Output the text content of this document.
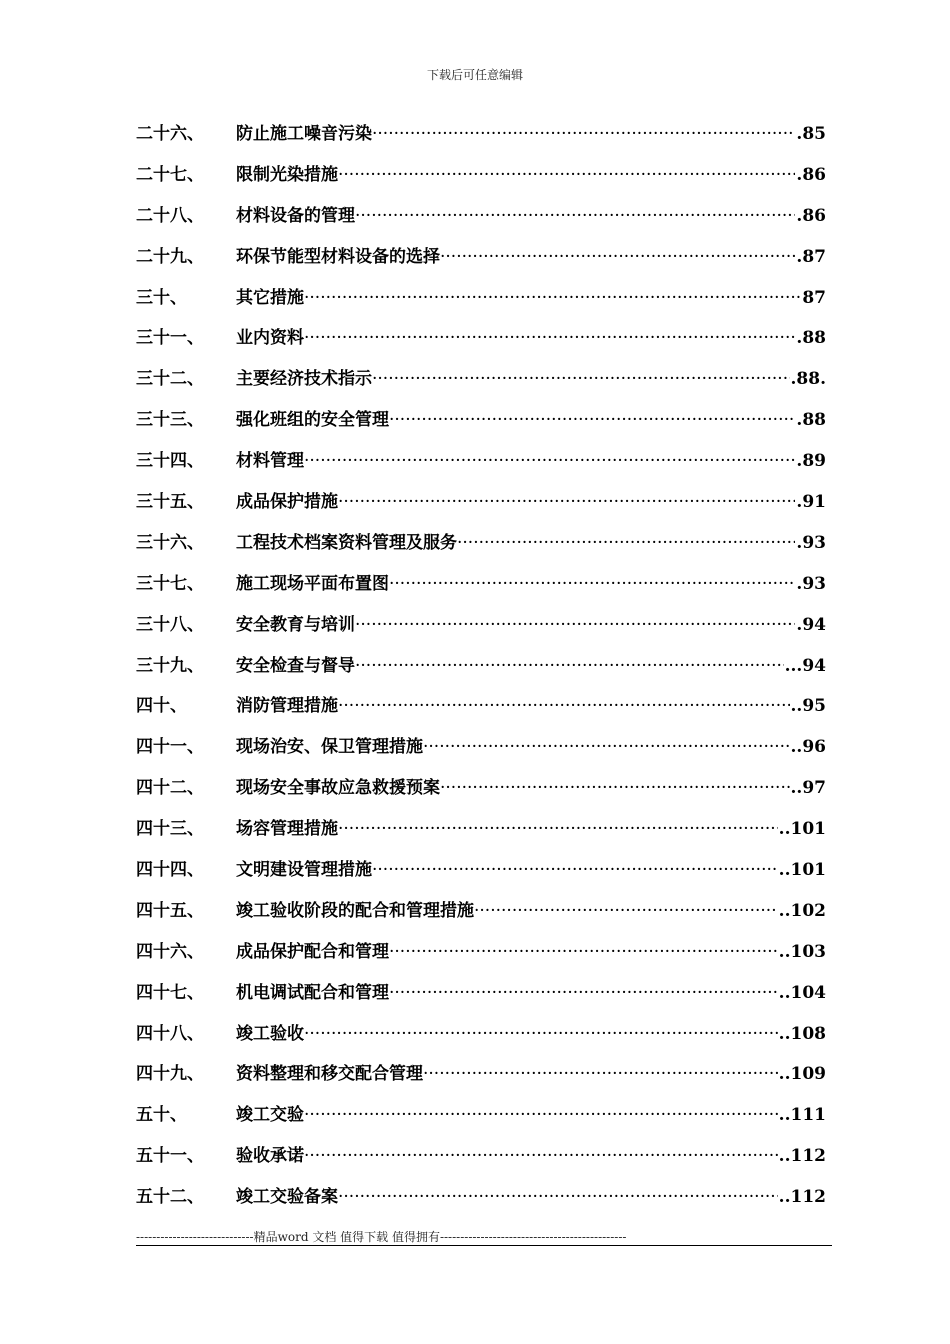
下载后可任意编辑
二十六、 防止施工噪音污染 ·····	.85
二十七、 限制光染措施 ·····	.86
二十八、 材料设备的管理 ·····	.86
二十九、 环保节能型材料设备的选择 ·····	.87
三十、	其它措施 ·····	87
三十一、 业内资料 ·····	.88
三十二、 主要经济技术指示 ·····	.88.
三十三、 强化班组的安全管理 ·····	.88
三十四、 材料管理 ·····	.89
三十五、 成品保护措施 ·····	.91
三十六、 工程技术档案资料管理及服务 ·····	.93
三十七、 施工现场平面布置图 ·····	.93
三十八、 安全教育与培训 ·····	.94
三十九、 安全检查与督导 ·····	...94
四十、	消防管理措施 ·····	..95
四十一、 现场治安、保卫管理措施 ·····	..96
四十二、 现场安全事故应急救援预案 ·····	..97
四十三、 场容管理措施 ·····	..101
四十四、 文明建设管理措施 ·····	..101
四十五、 竣工验收阶段的配合和管理措施 ·····	..102
四十六、 成品保护配合和管理 ·····	..103
四十七、 机电调试配合和管理 ·····	..104
四十八、 竣工验收 ·····	..108
四十九、 资料整理和移交配合管理 ·····	..109
五十、	竣工交验 ·····	..111
五十一、 验收承诺 ·····	..112
五十二、 竣工交验备案 ·····	..112
-----------------------------精品word 文档 值得下载 值得拥有----------------------------------------------
